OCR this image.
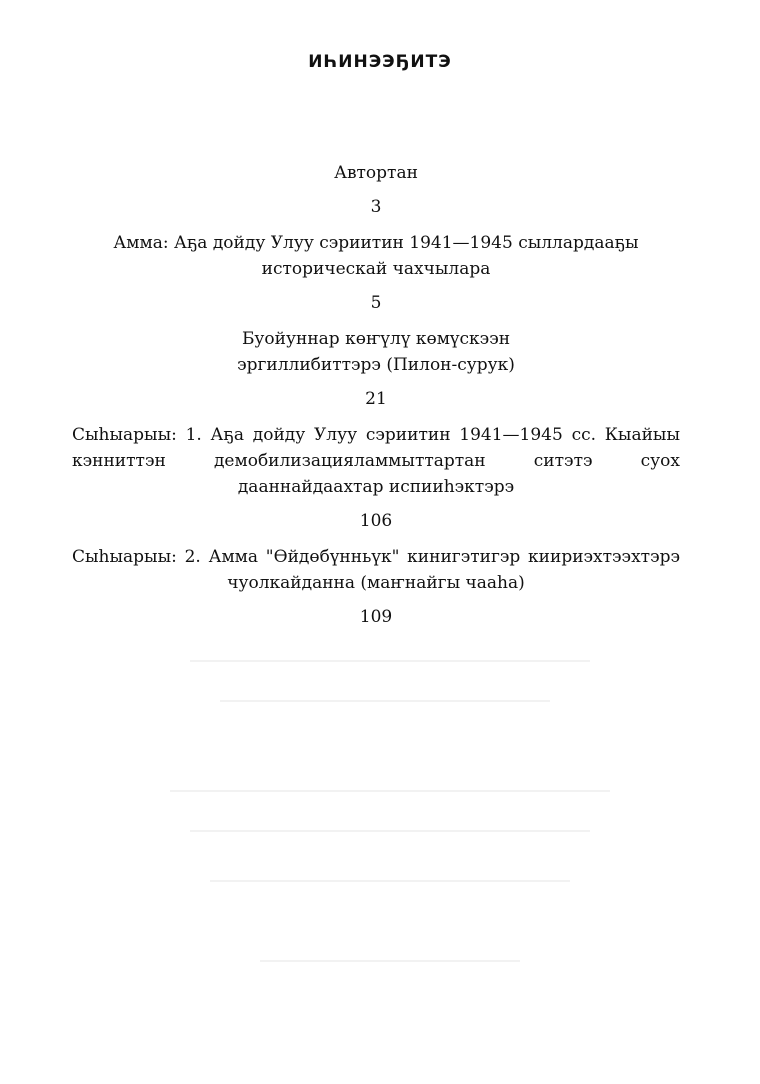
ИҺИНЭЭҔИТЭ
Автортан
3
Амма: Аҕа дойду Улуу сэриитин 1941—1945 сыллардааҕы историческай чахчылара
5
Буойуннар көҥүлү көмүскээн эргиллибиттэрэ (Пилон-сурук)
21
Сыһыарыы: 1. Аҕа дойду Улуу сэриитин 1941—1945 сс. Кыайыы кэнниттэн демобилизацияламмыттартан ситэтэ суох дааннайдаахтар испииһэктэрэ
106
Сыһыарыы: 2. Амма "Өйдөбүнньүк" кинигэтигэр киириэхтээхтэрэ чуолкайданна (маҥнайгы чааһа)
109
